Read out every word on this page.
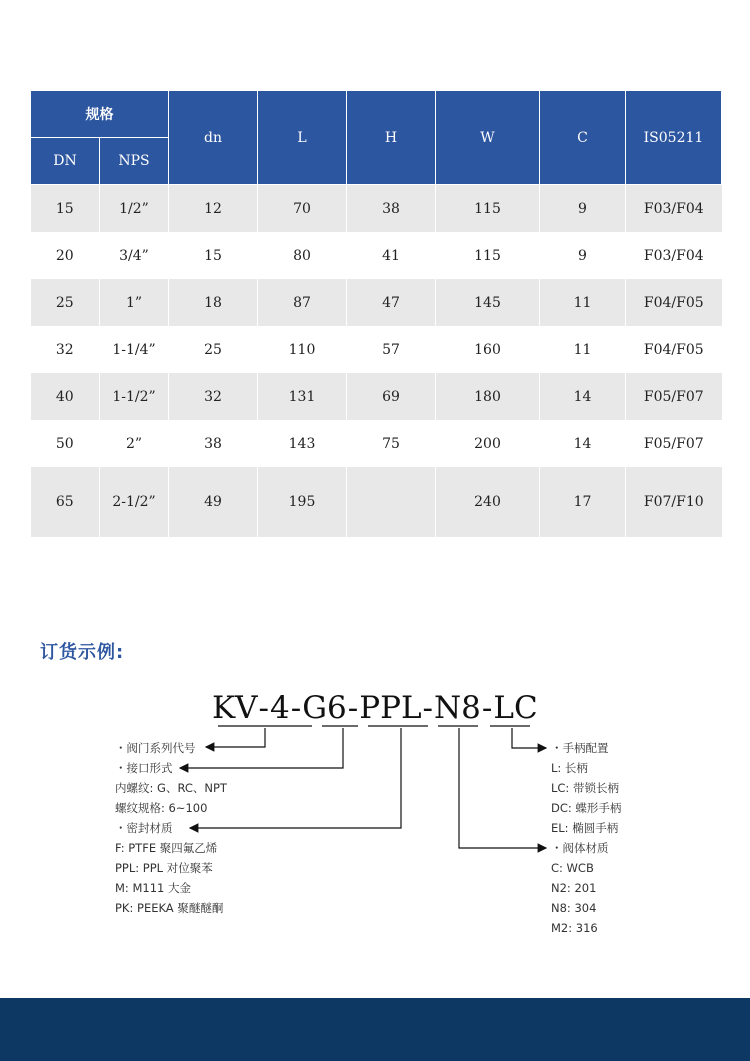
规格		dn	L	H	W	C	IS05211
DN	NPS						
15	1/2”	12	70	38	115	9	F03/F04
20	3/4”	15	80	41	115	9	F03/F04
25	1”	18	87	47	145	11	F04/F05
32	1-1/4”	25	110	57	160	11	F04/F05
40	1-1/2”	32	131	69	180	14	F05/F07
50	2”	38	143	75	200	14	F05/F07
65	2-1/2”	49	195		240	17	F07/F10
订货示例:
KV-4-G6-PPL-N8-LC
・阀门系列代号
・接口形式
内螺纹: G、RC、NPT
螺纹规格: 6~100
・密封材质
F: PTFE 聚四氟乙烯
PPL: PPL 对位聚苯
M: M111 大金
PK: PEEKA 聚醚醚酮
・手柄配置
L: 长柄
LC: 带锁长柄
DC: 蝶形手柄
EL: 椭圆手柄
・阀体材质
C: WCB
N2: 201
N8: 304
M2: 316
